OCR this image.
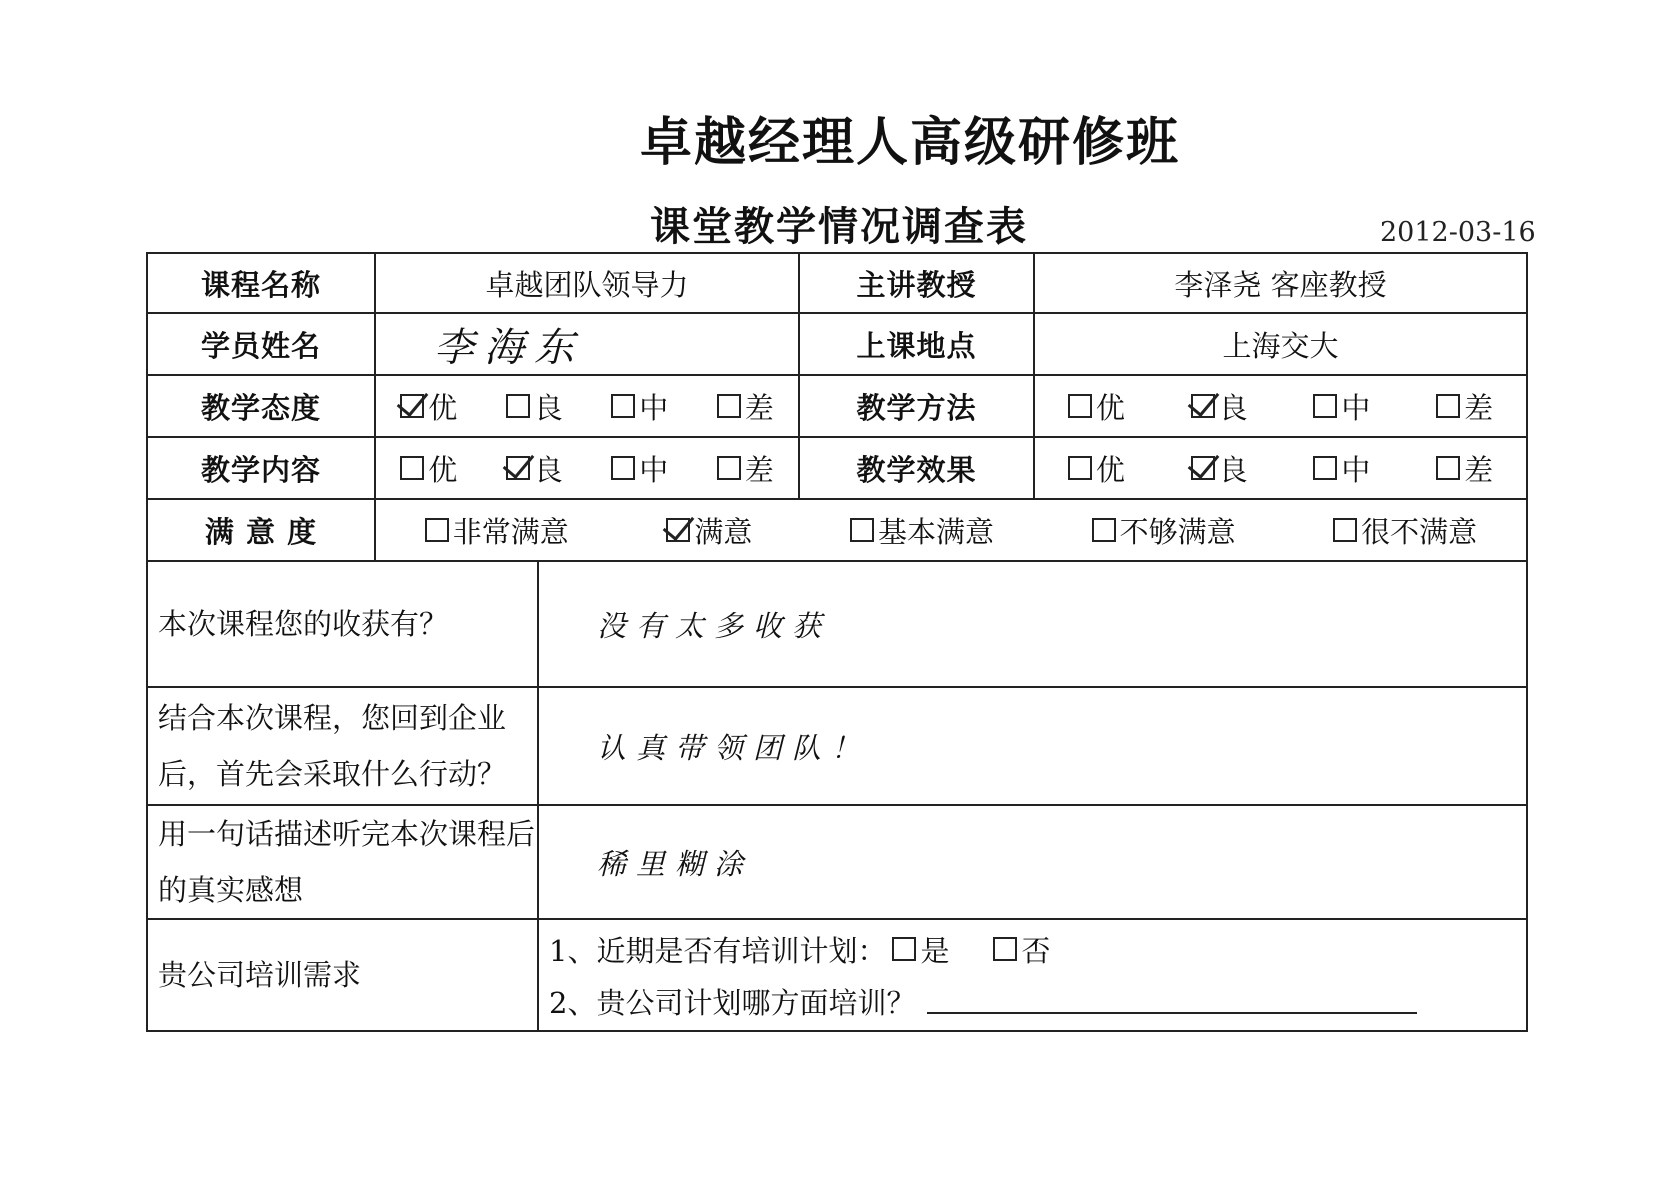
卓越经理人高级研修班
课堂教学情况调查表	2012-03-16
课程名称	卓越团队领导力		主讲教授	李泽尧 客座教授
学员姓名	李海东		上课地点	上海交大
教学态度	优 良 中 差		教学方法	优 良 中 差

教学内容	优 良 中 差		教学效果	优 良 中 差

满 意 度	非常满意 满意 基本满意 不够满意 很不满意			

本次课程您的收获有？		没有太多收获		
结合本次课程，您回到企业后，首先会采取什么行动？		认真带领团队！		
用一句话描述听完本次课程后的真实感想		稀里糊涂		
贵公司培训需求		1、近期是否有培训计划： 是 否
2、贵公司计划哪方面培训？		
